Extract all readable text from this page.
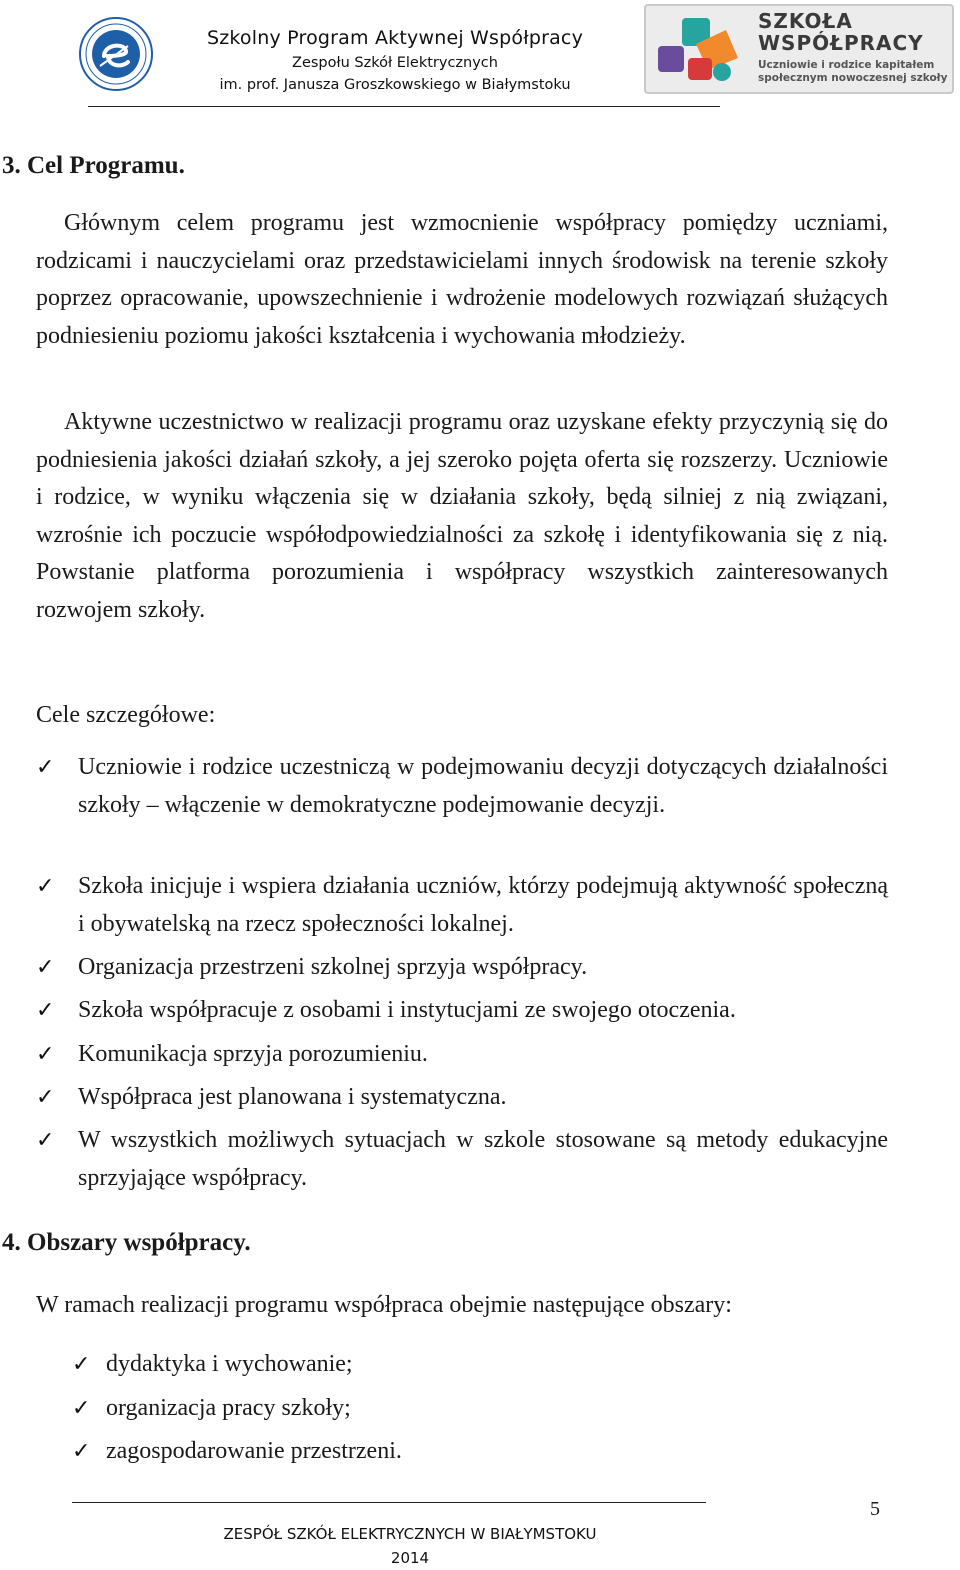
Szkolny Program Aktywnej Współpracy
Zespołu Szkół Elektrycznych
im. prof. Janusza Groszkowskiego w Białymstoku
SZKOŁA
WSPÓŁPRACY
Uczniowie i rodzice kapitałem
społecznym nowoczesnej szkoły
3. Cel Programu.
Głównym celem programu jest wzmocnienie współpracy pomiędzy uczniami, rodzicami i nauczycielami oraz przedstawicielami innych środowisk na terenie szkoły poprzez opracowanie, upowszechnienie i wdrożenie modelowych rozwiązań służących podniesieniu poziomu jakości kształcenia i wychowania młodzieży.
Aktywne uczestnictwo w realizacji programu oraz uzyskane efekty przyczynią się do podniesienia jakości działań szkoły, a jej szeroko pojęta oferta się rozszerzy. Uczniowie i rodzice, w wyniku włączenia się w działania szkoły, będą silniej z nią związani, wzrośnie ich poczucie współodpowiedzialności za szkołę i identyfikowania się z nią. Powstanie platforma porozumienia i współpracy wszystkich zainteresowanych rozwojem szkoły.
Cele szczegółowe:
✓ Uczniowie i rodzice uczestniczą w podejmowaniu decyzji dotyczących działalności szkoły – włączenie w demokratyczne podejmowanie decyzji.
✓ Szkoła inicjuje i wspiera działania uczniów, którzy podejmują aktywność społeczną i obywatelską na rzecz społeczności lokalnej.
✓ Organizacja przestrzeni szkolnej sprzyja współpracy.
✓ Szkoła współpracuje z osobami i instytucjami ze swojego otoczenia.
✓ Komunikacja sprzyja porozumieniu.
✓ Współpraca jest planowana i systematyczna.
✓ W wszystkich możliwych sytuacjach w szkole stosowane są metody edukacyjne sprzyjające współpracy.
4. Obszary współpracy.
W ramach realizacji programu współpraca obejmie następujące obszary:
✓ dydaktyka i wychowanie;
✓ organizacja pracy szkoły;
✓ zagospodarowanie przestrzeni.
5
ZESPÓŁ SZKÓŁ ELEKTRYCZNYCH W BIAŁYMSTOKU
2014
